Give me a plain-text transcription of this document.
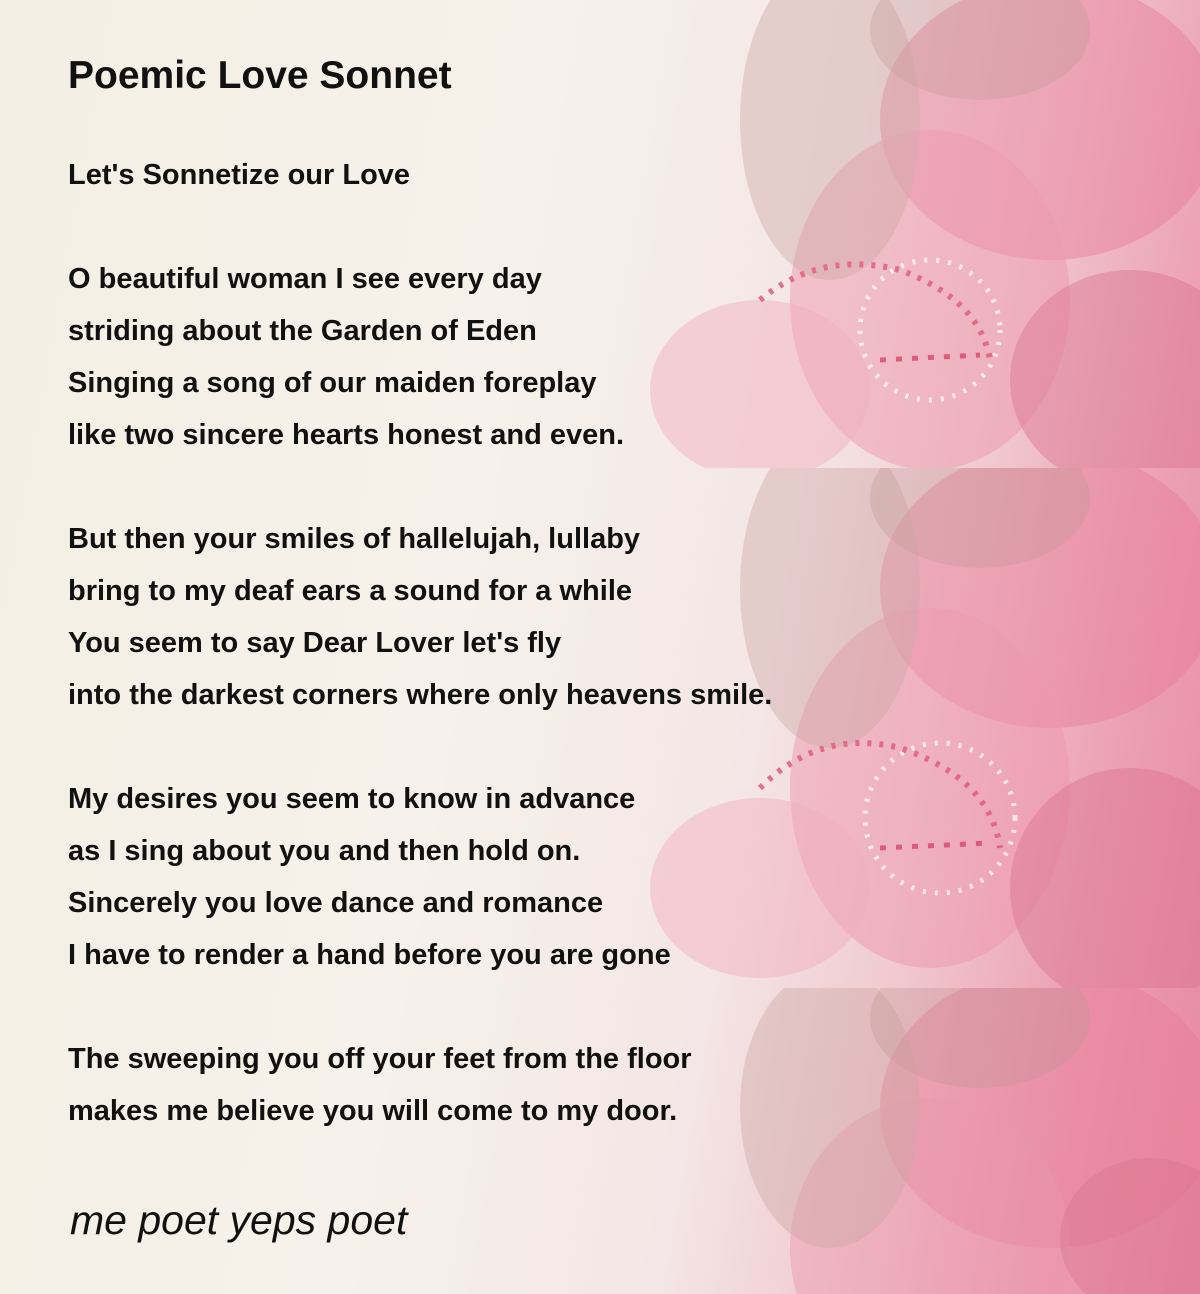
Poemic Love Sonnet
Let's Sonnetize our Love
O beautiful woman I see every day
striding about the Garden of Eden
Singing a song of our maiden foreplay
like two sincere hearts honest and even.
But then your smiles of hallelujah, lullaby
bring to my deaf ears a sound for a while
You seem to say Dear Lover let's fly
into the darkest corners where only heavens smile.
My desires you seem to know in advance
as I sing about you and then hold on.
Sincerely you love dance and romance
I have to render a hand before you are gone
The sweeping you off your feet from the floor
makes me believe you will come to my door.
me poet yeps poet
